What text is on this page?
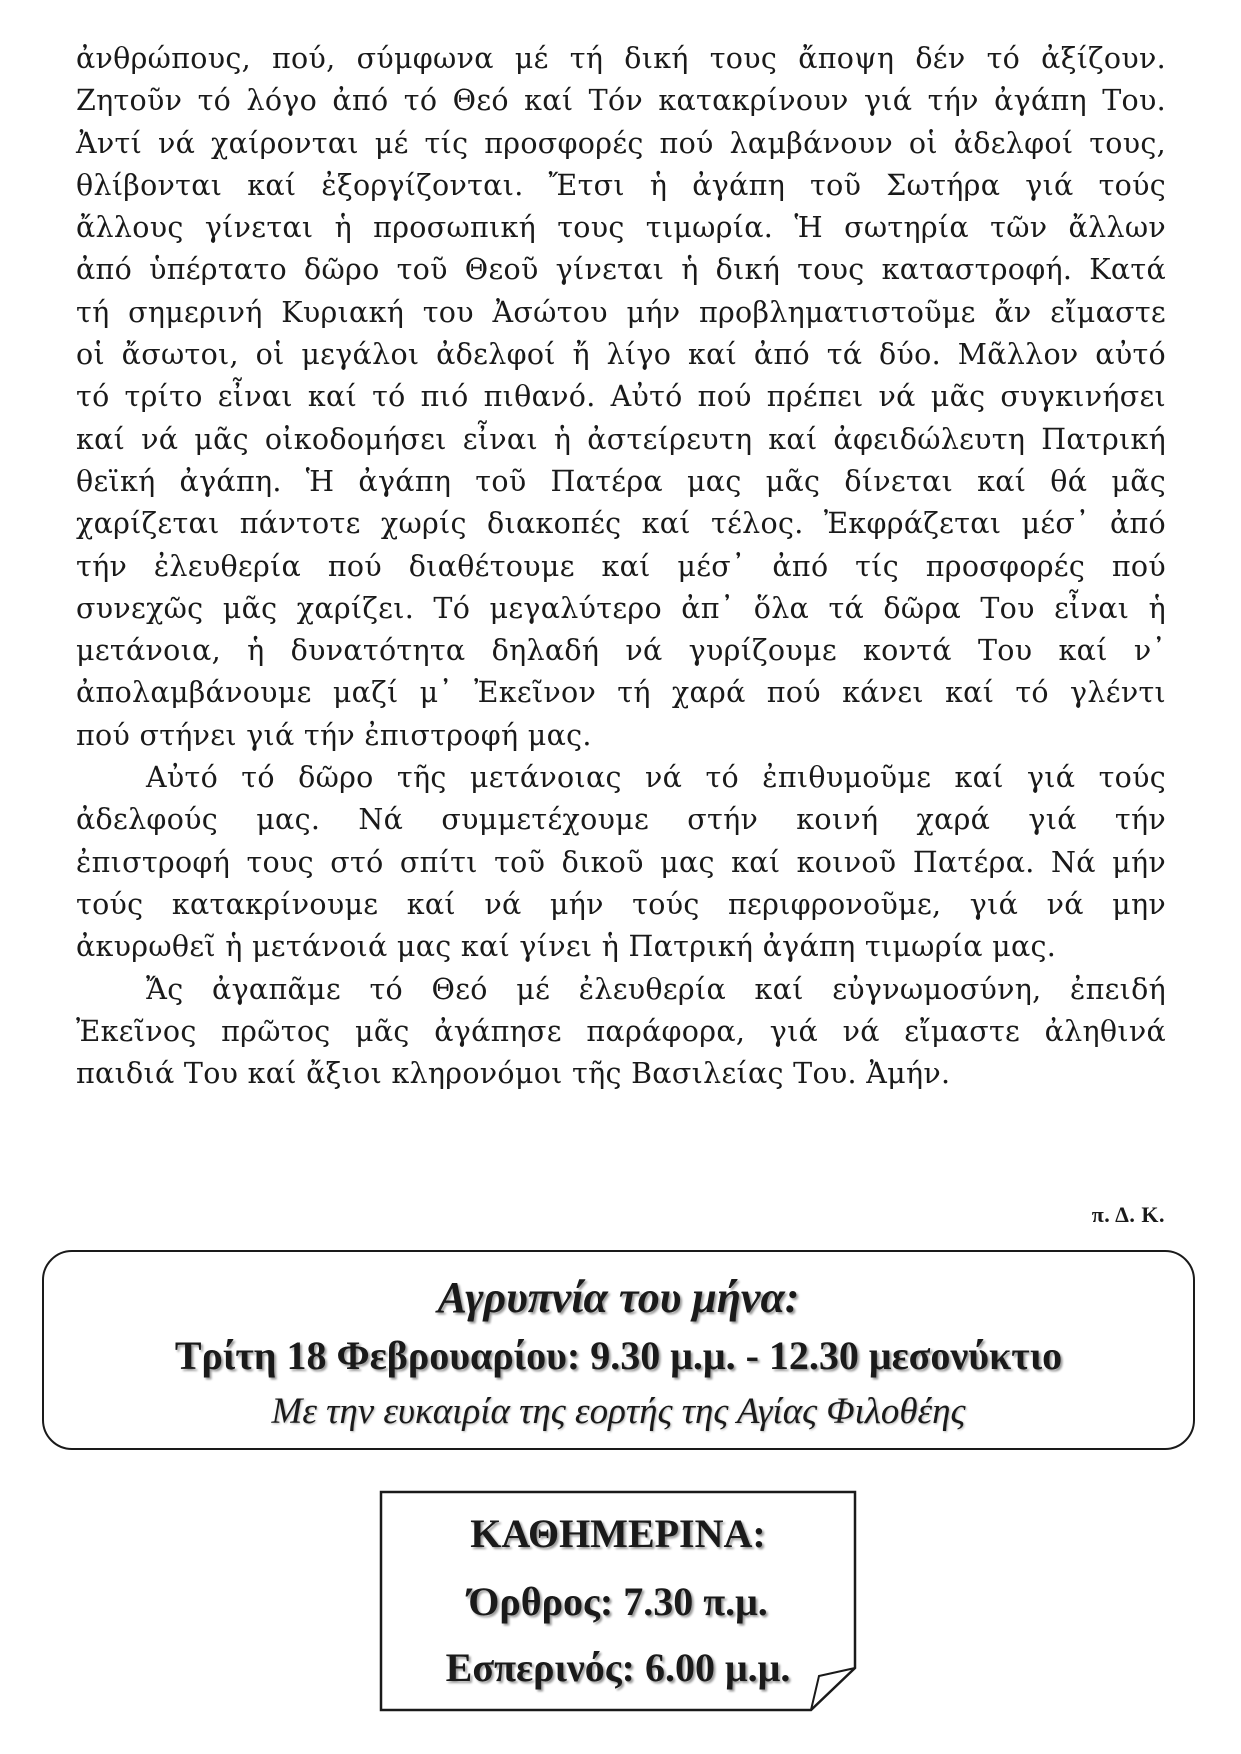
ἀνθρώπους, πού, σύμφωνα μέ τή δική τους ἄποψη δέν τό ἀξίζουν.
Ζητοῦν τό λόγο ἀπό τό Θεό καί Τόν κατακρίνουν γιά τήν ἀγάπη Του.
Ἀντί νά χαίρονται μέ τίς προσφορές πού λαμβάνουν οἱ ἀδελφοί τους,
θλίβονται καί ἐξοργίζονται. Ἔτσι ἡ ἀγάπη τοῦ Σωτήρα γιά τούς
ἄλλους γίνεται ἡ προσωπική τους τιμωρία. Ἡ σωτηρία τῶν ἄλλων
ἀπό ὑπέρτατο δῶρο τοῦ Θεοῦ γίνεται ἡ δική τους καταστροφή. Κατά
τή σημερινή Κυριακή του Ἀσώτου μήν προβληματιστοῦμε ἄν εἴμαστε
οἱ ἄσωτοι, οἱ μεγάλοι ἀδελφοί ἤ λίγο καί ἀπό τά δύο. Μᾶλλον αὐτό
τό τρίτο εἶναι καί τό πιό πιθανό. Αὐτό πού πρέπει νά μᾶς συγκινήσει
καί νά μᾶς οἰκοδομήσει εἶναι ἡ ἀστείρευτη καί ἀφειδώλευτη Πατρική
θεϊκή ἀγάπη. Ἡ ἀγάπη τοῦ Πατέρα μας μᾶς δίνεται καί θά μᾶς
χαρίζεται πάντοτε χωρίς διακοπές καί τέλος. Ἐκφράζεται μέσ᾽ ἀπό
τήν ἐλευθερία πού διαθέτουμε καί μέσ᾽ ἀπό τίς προσφορές πού
συνεχῶς μᾶς χαρίζει. Τό μεγαλύτερο ἀπ᾽ ὅλα τά δῶρα Του εἶναι ἡ
μετάνοια, ἡ δυνατότητα δηλαδή νά γυρίζουμε κοντά Του καί ν᾽
ἀπολαμβάνουμε μαζί μ᾽ Ἐκεῖνον τή χαρά πού κάνει καί τό γλέντι
πού στήνει γιά τήν ἐπιστροφή μας.
Αὐτό τό δῶρο τῆς μετάνοιας νά τό ἐπιθυμοῦμε καί γιά τούς
ἀδελφούς μας. Νά συμμετέχουμε στήν κοινή χαρά γιά τήν
ἐπιστροφή τους στό σπίτι τοῦ δικοῦ μας καί κοινοῦ Πατέρα. Νά μήν
τούς κατακρίνουμε καί νά μήν τούς περιφρονοῦμε, γιά νά μην
ἀκυρωθεῖ ἡ μετάνοιά μας καί γίνει ἡ Πατρική ἀγάπη τιμωρία μας.
Ἄς ἀγαπᾶμε τό Θεό μέ ἐλευθερία καί εὐγνωμοσύνη, ἐπειδή
Ἐκεῖνος πρῶτος μᾶς ἀγάπησε παράφορα, γιά νά εἴμαστε ἀληθινά
παιδιά Του καί ἄξιοι κληρονόμοι τῆς Βασιλείας Του. Ἀμήν.
π. Δ. Κ.
Αγρυπνία του μήνα:
Τρίτη 18 Φεβρουαρίου: 9.30 μ.μ. - 12.30 μεσονύκτιο
Με την ευκαιρία της εορτής της Αγίας Φιλοθέης
ΚΑΘΗΜΕΡΙΝΑ:
Όρθρος: 7.30 π.μ.
Εσπερινός: 6.00 μ.μ.
